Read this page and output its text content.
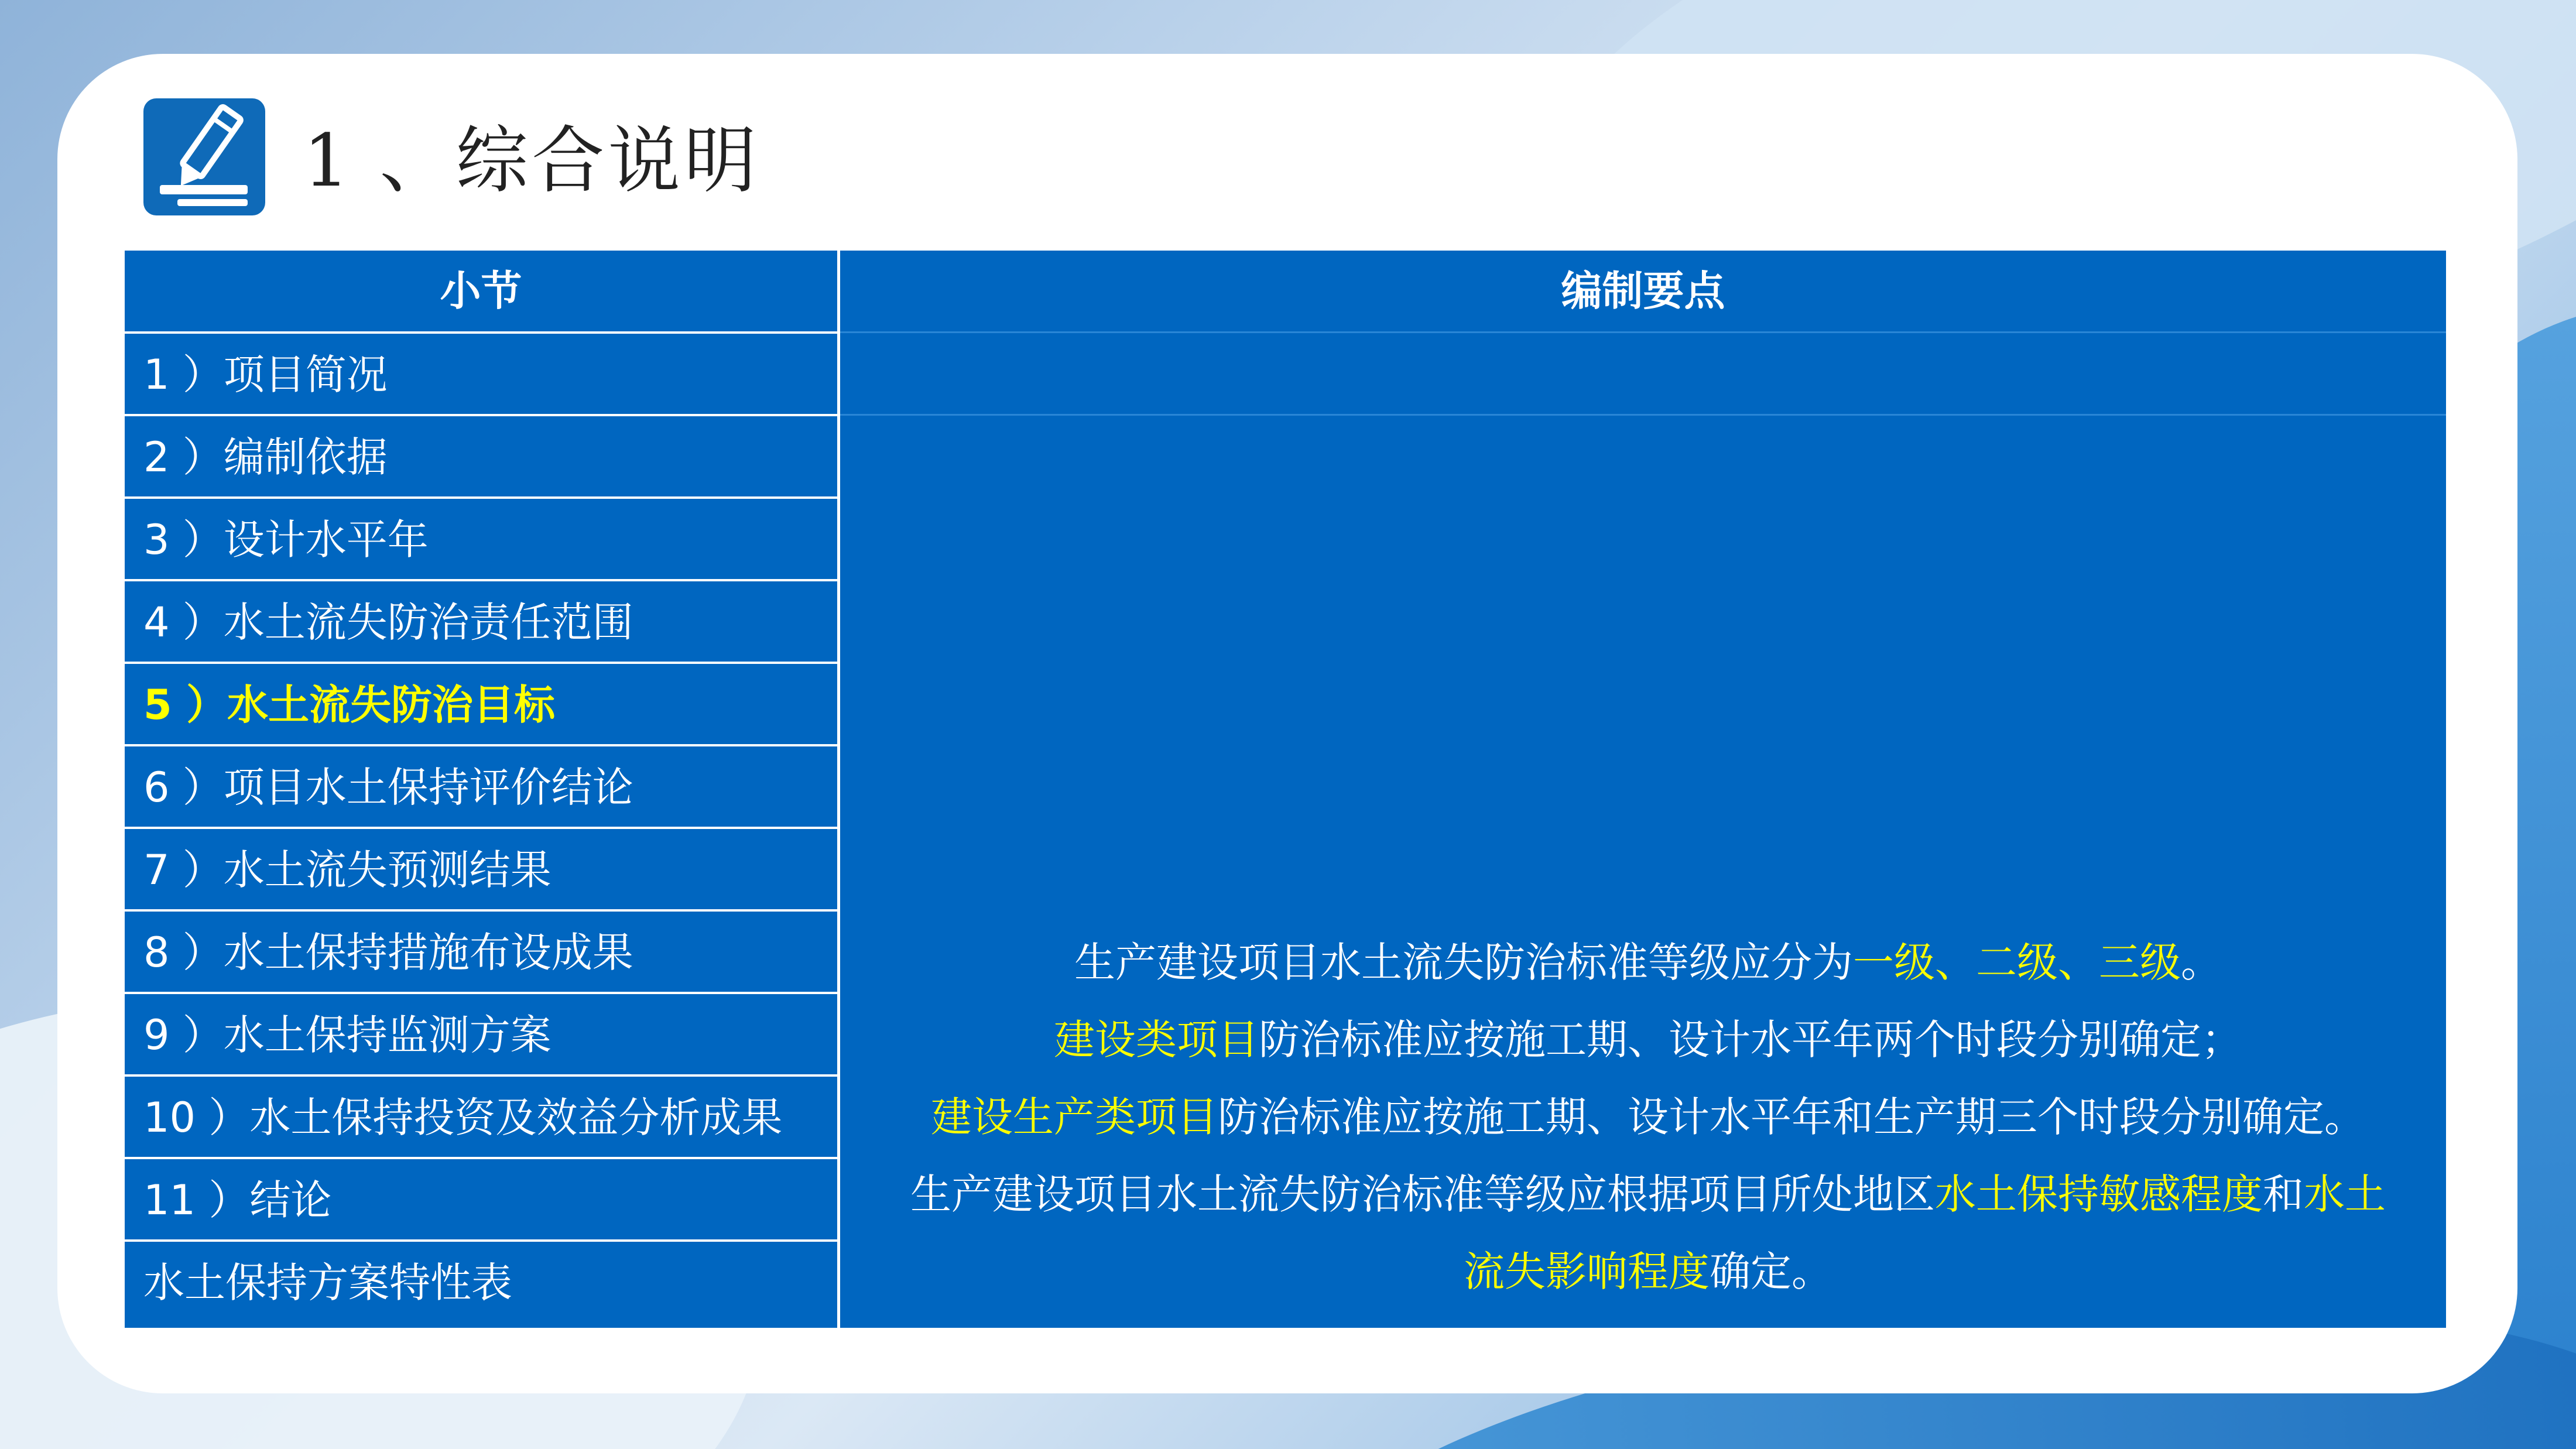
1 、综合说明
小节	编制要点
1 ）项目简况
2 ）编制依据
3 ）设计水平年
4 ）水土流失防治责任范围
5 ）水土流失防治目标
6 ）项目水土保持评价结论
7 ）水土流失预测结果
8 ）水土保持措施布设成果
9 ）水土保持监测方案
10 ）水土保持投资及效益分析成果
11 ）结论
水土保持方案特性表

生产建设项目水土流失防治标准等级应分为一级、二级、三级。

建设类项目防治标准应按施工期、设计水平年两个时段分别确定；

建设生产类项目防治标准应按施工期、设计水平年和生产期三个时段分别确定。

生产建设项目水土流失防治标准等级应根据项目所处地区水土保持敏感程度和水土

流失影响程度确定。
